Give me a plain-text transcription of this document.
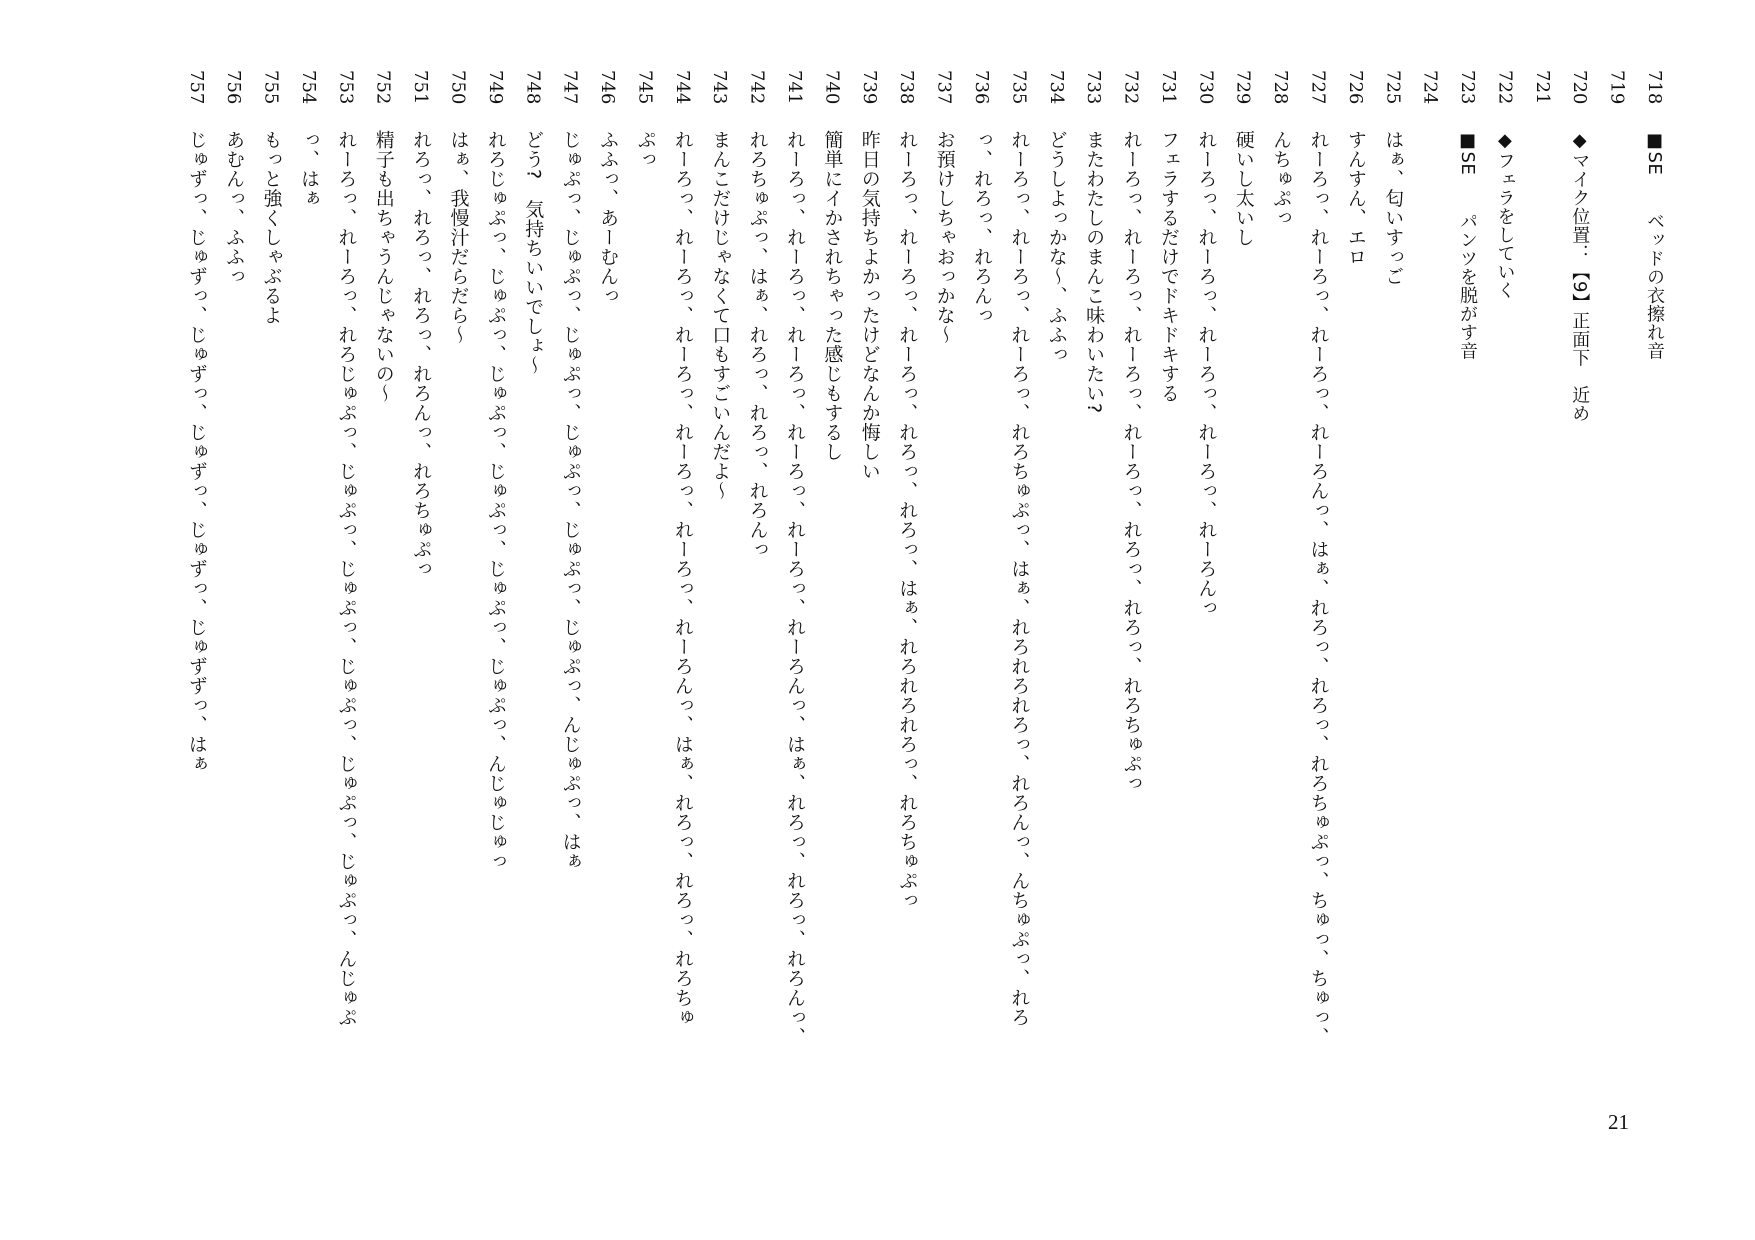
718
■SE　　ベッドの衣擦れ音
719
720
◆マイク位置：【9】正面下　近め
721
722
◆フェラをしていく
723
■SE　　パンツを脱がす音
724
725
はぁ、匂いすっご
726
すんすん、エロ
727
れーろっ、れーろっ、れーろっ、れーろんっ、はぁ、れろっ、れろっ、れろちゅぷっ、ちゅっ、ちゅっ、
728
んちゅぷっ
729
硬いし太いし
730
れーろっ、れーろっ、れーろっ、れーろっ、れーろんっ
731
フェラするだけでドキドキする
732
れーろっ、れーろっ、れーろっ、れーろっ、れろっ、れろっ、れろちゅぷっ
733
またわたしのまんこ味わいたい?
734
どうしよっかな〜、ふふっ
735
れーろっ、れーろっ、れーろっ、れろちゅぷっ、はぁ、れろれろれろっ、れろんっ、んちゅぷっ、れろ
736
っ、れろっ、れろんっ
737
お預けしちゃおっかな〜
738
れーろっ、れーろっ、れーろっ、れろっ、れろっ、はぁ、れろれろれろっ、れろちゅぷっ
739
昨日の気持ちよかったけどなんか悔しい
740
簡単にイかされちゃった感じもするし
741
れーろっ、れーろっ、れーろっ、れーろっ、れーろっ、れーろんっ、はぁ、れろっ、れろっ、れろんっ、
742
れろちゅぷっ、はぁ、れろっ、れろっ、れろんっ
743
まんこだけじゃなくて口もすごいんだよ〜
744
れーろっ、れーろっ、れーろっ、れーろっ、れーろっ、れーろんっ、はぁ、れろっ、れろっ、れろちゅ
745
ぷっ
746
ふふっ、あーむんっ
747
じゅぷっ、じゅぷっ、じゅぷっ、じゅぷっ、じゅぷっ、じゅぷっ、んじゅぷっ、はぁ
748
どう?　気持ちいいでしょ〜
749
れろじゅぷっ、じゅぷっ、じゅぷっ、じゅぷっ、じゅぷっ、じゅぷっ、んじゅじゅっ
750
はぁ、我慢汁だらだら〜
751
れろっ、れろっ、れろっ、れろんっ、れろちゅぷっ
752
精子も出ちゃうんじゃないの〜
753
れーろっ、れーろっ、れろじゅぷっ、じゅぷっ、じゅぷっ、じゅぷっ、じゅぷっ、じゅぷっ、んじゅぷ
754
っ、はぁ
755
もっと強くしゃぶるよ
756
あむんっ、ふふっ
757
じゅずっ、じゅずっ、じゅずっ、じゅずっ、じゅずっ、じゅずずっ、はぁ
21
